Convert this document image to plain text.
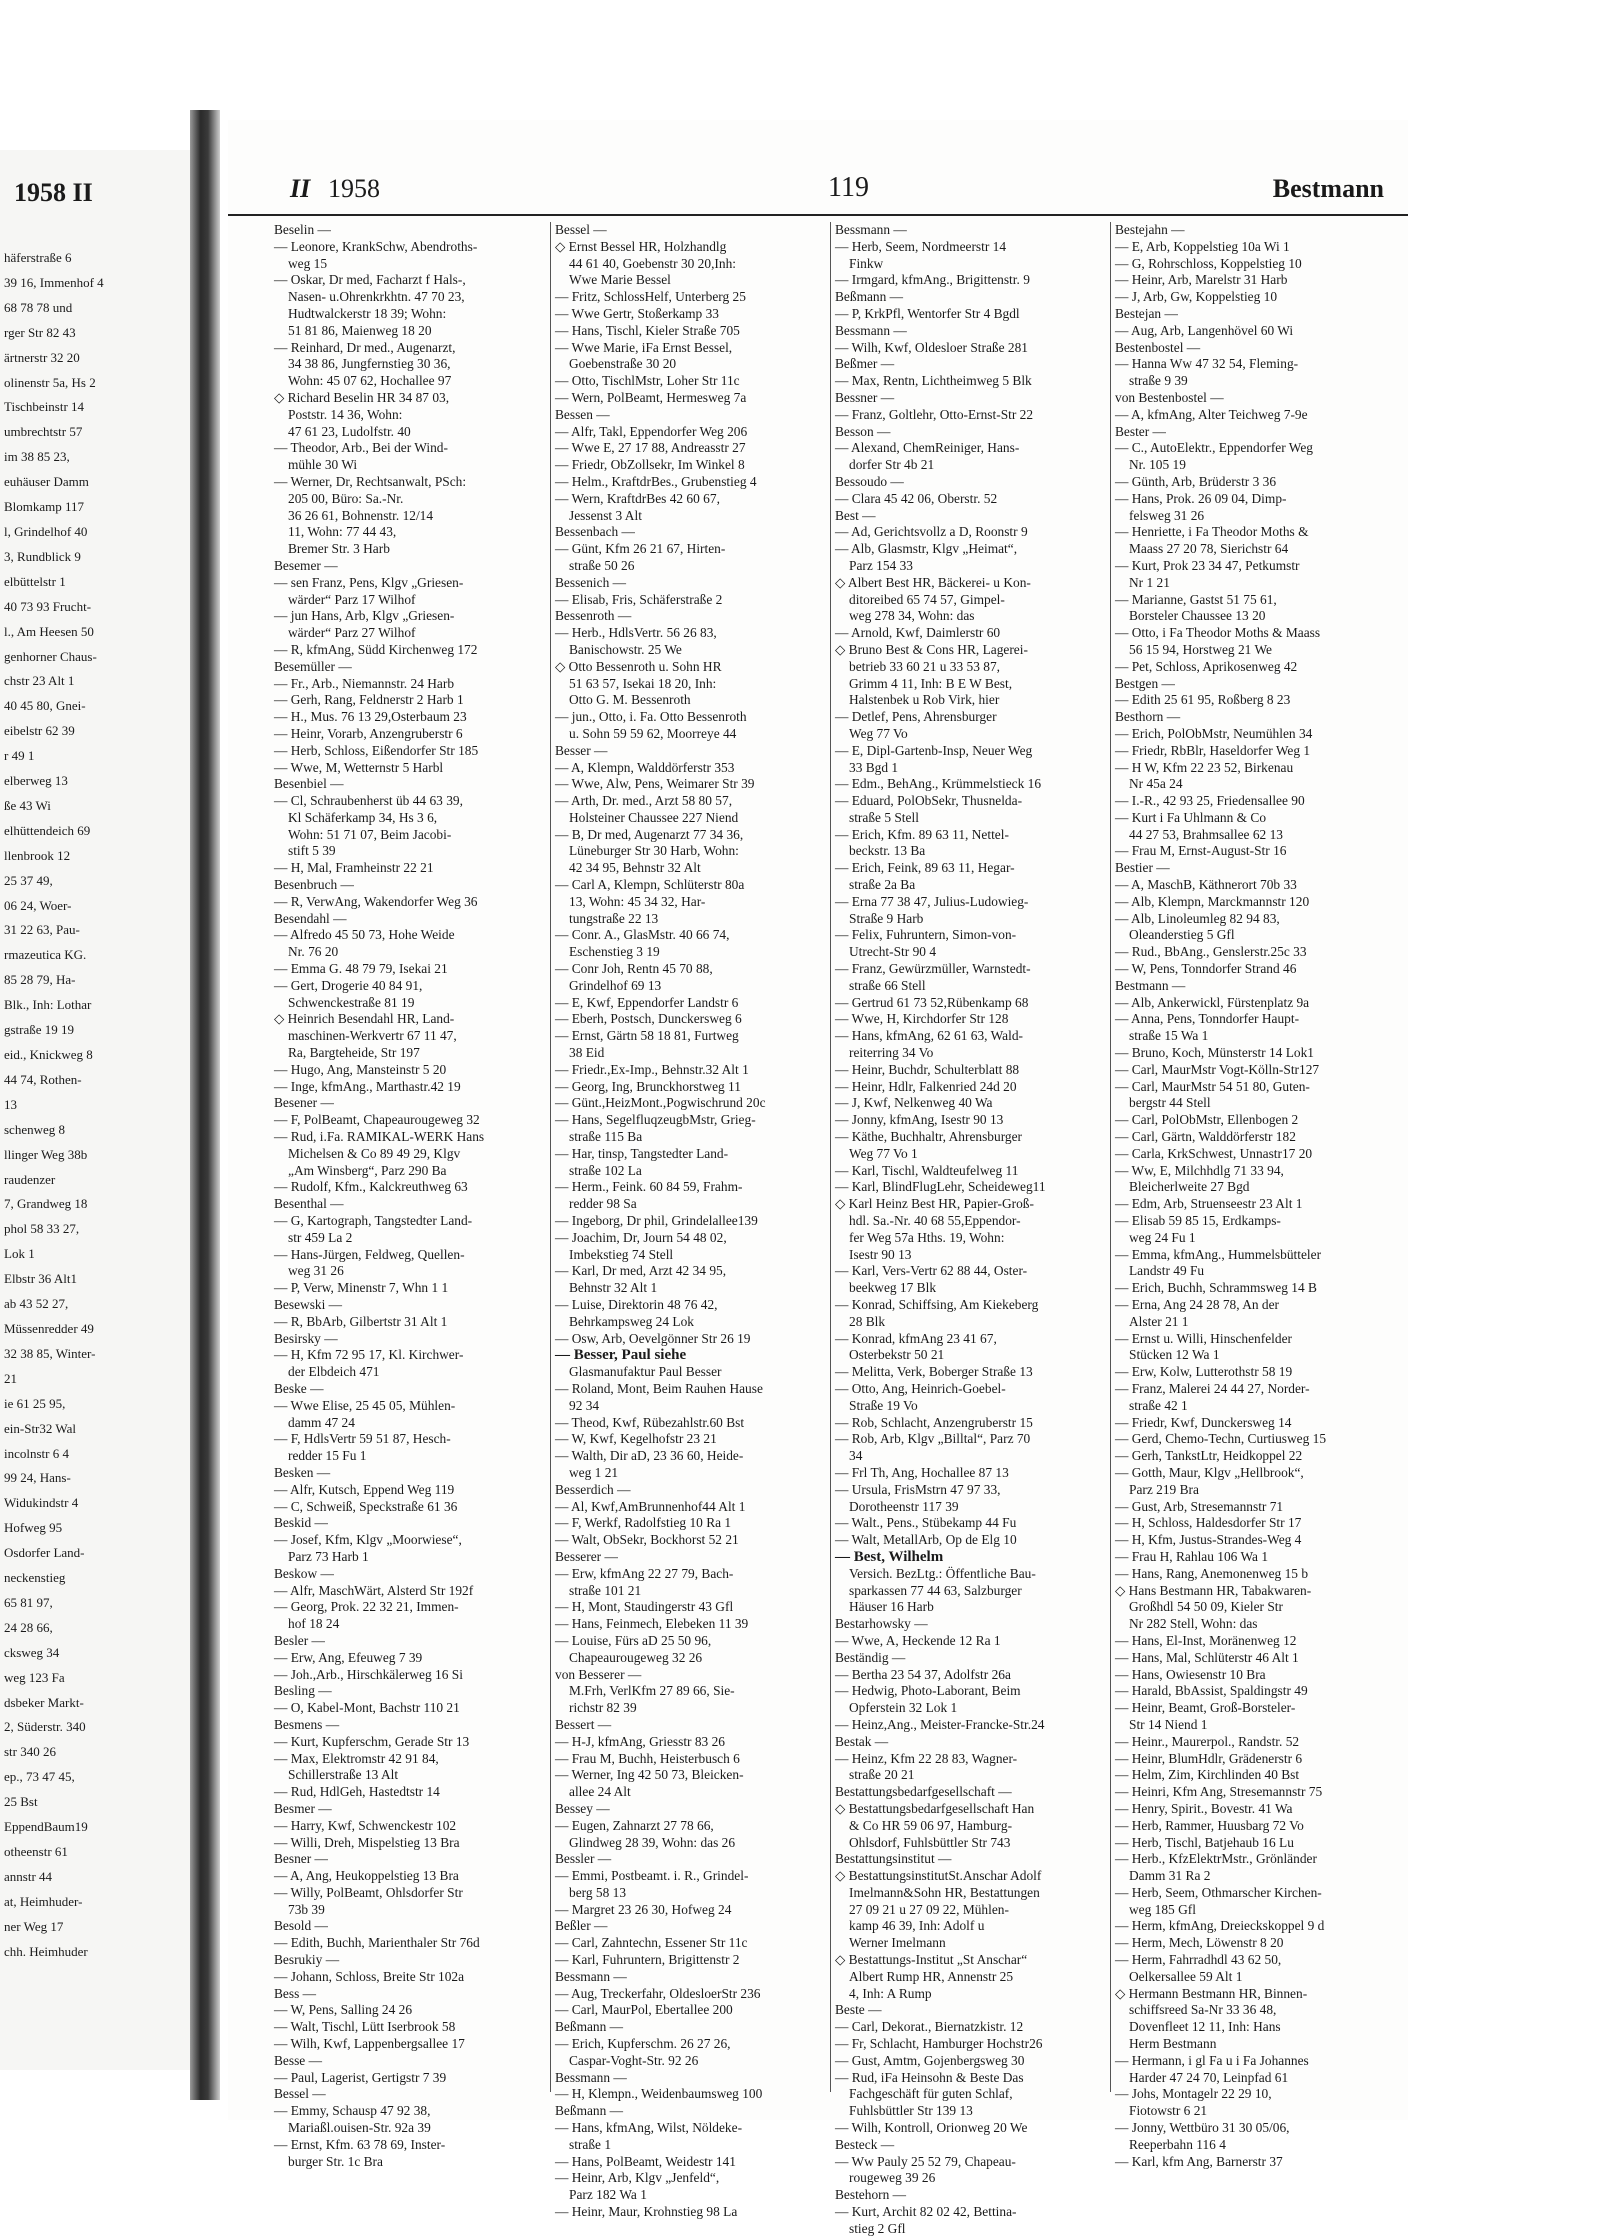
1958 II
häferstraße 6
39 16, Immenhof 4
68 78 78 und
rger Str 82 43
ärtnerstr 32 20
olinenstr 5a, Hs 2
Tischbeinstr 14
umbrechtstr 57
im 38 85 23,
euhäuser Damm
Blomkamp 117
l, Grindelhof 40
3, Rundblick 9
elbüttelstr 1
40 73 93 Frucht-
l., Am Heesen 50
genhorner Chaus-
chstr 23 Alt 1
40 45 80, Gnei-
eibelstr 62 39
r 49 1
elberweg 13
ße 43 Wi
elhüttendeich 69
llenbrook 12
25 37 49,
06 24, Woer-
31 22 63, Pau-
rmazeutica KG.
85 28 79, Ha-
Blk., Inh: Lothar
gstraße 19 19
eid., Knickweg 8
44 74, Rothen-
13
schenweg 8
llinger Weg 38b
raudenzer
7, Grandweg 18
phol 58 33 27,
Lok 1
Elbstr 36 Alt1
ab 43 52 27,
Müssenredder 49
32 38 85, Winter-
21
ie 61 25 95,
ein-Str32 Wal
incolnstr 6 4
99 24, Hans-
Widukindstr 4
Hofweg 95
Osdorfer Land-
neckenstieg
65 81 97,
24 28 66,
cksweg 34
weg 123 Fa
dsbeker Markt-
2, Süderstr. 340
str 340 26
ep., 73 47 45,
25 Bst
EppendBaum19
otheenstr 61
annstr 44
at, Heimhuder-
ner Weg 17
chh. Heimhuder
II 1958	119	Bestmann
Beselin —
— Leonore, KrankSchw, Abendroths-
weg 15
— Oskar, Dr med, Facharzt f Hals-,
Nasen- u.Ohrenkrkhtn. 47 70 23,
Hudtwalckerstr 18 39; Wohn:
51 81 86, Maienweg 18 20
— Reinhard, Dr med., Augenarzt,
34 38 86, Jungfernstieg 30 36,
Wohn: 45 07 62, Hochallee 97
◇ Richard Beselin HR 34 87 03,
Poststr. 14 36, Wohn:
47 61 23, Ludolfstr. 40
— Theodor, Arb., Bei der Wind-
mühle 30 Wi
— Werner, Dr, Rechtsanwalt, PSch:
205 00, Büro: Sa.-Nr.
36 26 61, Bohnenstr. 12/14
11, Wohn: 77 44 43,
Bremer Str. 3 Harb
Besemer —
— sen Franz, Pens, Klgv „Griesen-
wärder“ Parz 17 Wilhof
— jun Hans, Arb, Klgv „Griesen-
wärder“ Parz 27 Wilhof
— R, kfmAng, Südd Kirchenweg 172
Besemüller —
— Fr., Arb., Niemannstr. 24 Harb
— Gerh, Rang, Feldnerstr 2 Harb 1
— H., Mus. 76 13 29,Osterbaum 23
— Heinr, Vorarb, Anzengruberstr 6
— Herb, Schloss, Eißendorfer Str 185
— Wwe, M, Wetternstr 5 Harbl
Besenbiel —
— Cl, Schraubenherst üb 44 63 39,
Kl Schäferkamp 34, Hs 3 6,
Wohn: 51 71 07, Beim Jacobi-
stift 5 39
— H, Mal, Framheinstr 22 21
Besenbruch —
— R, VerwAng, Wakendorfer Weg 36
Besendahl —
— Alfredo 45 50 73, Hohe Weide
Nr. 76 20
— Emma G. 48 79 79, Isekai 21
— Gert, Drogerie 40 84 91,
Schwenckestraße 81 19
◇ Heinrich Besendahl HR, Land-
maschinen-Werkvertr 67 11 47,
Ra, Bargteheide, Str 197
— Hugo, Ang, Mansteinstr 5 20
— Inge, kfmAng., Marthastr.42 19
Besener —
— F, PolBeamt, Chapeaurougeweg 32
— Rud, i.Fa. RAMIKAL-WERK Hans
Michelsen & Co 89 49 29, Klgv
„Am Winsberg“, Parz 290 Ba
— Rudolf, Kfm., Kalckreuthweg 63
Besenthal —
— G, Kartograph, Tangstedter Land-
str 459 La 2
— Hans-Jürgen, Feldweg, Quellen-
weg 31 26
— P, Verw, Minenstr 7, Whn 1 1
Besewski —
— R, BbArb, Gilbertstr 31 Alt 1
Besirsky —
— H, Kfm 72 95 17, Kl. Kirchwer-
der Elbdeich 471
Beske —
— Wwe Elise, 25 45 05, Mühlen-
damm 47 24
— F, HdlsVertr 59 51 87, Hesch-
redder 15 Fu 1
Besken —
— Alfr, Kutsch, Eppend Weg 119
— C, Schweiß, Speckstraße 61 36
Beskid —
— Josef, Kfm, Klgv „Moorwiese“,
Parz 73 Harb 1
Beskow —
— Alfr, MaschWärt, Alsterd Str 192f
— Georg, Prok. 22 32 21, Immen-
hof 18 24
Besler —
— Erw, Ang, Efeuweg 7 39
— Joh.,Arb., Hirschkälerweg 16 Si
Besling —
— O, Kabel-Mont, Bachstr 110 21
Besmens —
— Kurt, Kupferschm, Gerade Str 13
— Max, Elektromstr 42 91 84,
Schillerstraße 13 Alt
— Rud, HdlGeh, Hastedtstr 14
Besmer —
— Harry, Kwf, Schwenckestr 102
— Willi, Dreh, Mispelstieg 13 Bra
Besner —
— A, Ang, Heukoppelstieg 13 Bra
— Willy, PolBeamt, Ohlsdorfer Str
73b 39
Besold —
— Edith, Buchh, Marienthaler Str 76d
Besrukiy —
— Johann, Schloss, Breite Str 102a
Bess —
— W, Pens, Salling 24 26
— Walt, Tischl, Lütt Iserbrook 58
— Wilh, Kwf, Lappenbergsallee 17
Besse —
— Paul, Lagerist, Gertigstr 7 39
Bessel —
— Emmy, Schausp 47 92 38,
Mariaßl.ouisen-Str. 92a 39
— Ernst, Kfm. 63 78 69, Inster-
burger Str. 1c Bra
Bessel —
◇ Ernst Bessel HR, Holzhandlg
44 61 40, Goebenstr 30 20,Inh:
Wwe Marie Bessel
— Fritz, SchlossHelf, Unterberg 25
— Wwe Gertr, Stoßerkamp 33
— Hans, Tischl, Kieler Straße 705
— Wwe Marie, iFa Ernst Bessel,
Goebenstraße 30 20
— Otto, TischlMstr, Loher Str 11c
— Wern, PolBeamt, Hermesweg 7a
Bessen —
— Alfr, Takl, Eppendorfer Weg 206
— Wwe E, 27 17 88, Andreasstr 27
— Friedr, ObZollsekr, Im Winkel 8
— Helm., KraftdrBes., Grubenstieg 4
— Wern, KraftdrBes 42 60 67,
Jessenst 3 Alt
Bessenbach —
— Günt, Kfm 26 21 67, Hirten-
straße 50 26
Bessenich —
— Elisab, Fris, Schäferstraße 2
Bessenroth —
— Herb., HdlsVertr. 56 26 83,
Banischowstr. 25 We
◇ Otto Bessenroth u. Sohn HR
51 63 57, Isekai 18 20, Inh:
Otto G. M. Bessenroth
— jun., Otto, i. Fa. Otto Bessenroth
u. Sohn 59 59 62, Moorreye 44
Besser —
— A, Klempn, Walddörferstr 353
— Wwe, Alw, Pens, Weimarer Str 39
— Arth, Dr. med., Arzt 58 80 57,
Holsteiner Chaussee 227 Niend
— B, Dr med, Augenarzt 77 34 36,
Lüneburger Str 30 Harb, Wohn:
42 34 95, Behnstr 32 Alt
— Carl A, Klempn, Schlüterstr 80a
13, Wohn: 45 34 32, Har-
tungstraße 22 13
— Conr. A., GlasMstr. 40 66 74,
Eschenstieg 3 19
— Conr Joh, Rentn 45 70 88,
Grindelhof 69 13
— E, Kwf, Eppendorfer Landstr 6
— Eberh, Postsch, Dunckersweg 6
— Ernst, Gärtn 58 18 81, Furtweg
38 Eid
— Friedr.,Ex-Imp., Behnstr.32 Alt 1
— Georg, Ing, Brunckhorstweg 11
— Günt.,HeizMont.,Pogwischrund 20c
— Hans, SegelfluqzeugbMstr, Grieg-
straße 115 Ba
— Har, tinsp, Tangstedter Land-
straße 102 La
— Herm., Feink. 60 84 59, Frahm-
redder 98 Sa
— Ingeborg, Dr phil, Grindelallee139
— Joachim, Dr, Journ 54 48 02,
Imbekstieg 74 Stell
— Karl, Dr med, Arzt 42 34 95,
Behnstr 32 Alt 1
— Luise, Direktorin 48 76 42,
Behrkampsweg 24 Lok
— Osw, Arb, Oevelgönner Str 26 19
— Besser, Paul siehe
Glasmanufaktur Paul Besser
— Roland, Mont, Beim Rauhen Hause
92 34
— Theod, Kwf, Rübezahlstr.60 Bst
— W, Kwf, Kegelhofstr 23 21
— Walth, Dir aD, 23 36 60, Heide-
weg 1 21
Besserdich —
— Al, Kwf,AmBrunnenhof44 Alt 1
— F, Werkf, Radolfstieg 10 Ra 1
— Walt, ObSekr, Bockhorst 52 21
Besserer —
— Erw, kfmAng 22 27 79, Bach-
straße 101 21
— H, Mont, Staudingerstr 43 Gfl
— Hans, Feinmech, Elebeken 11 39
— Louise, Fürs aD 25 50 96,
Chapeaurougeweg 32 26
von Besserer —
M.Frh, VerlKfm 27 89 66, Sie-
richstr 82 39
Bessert —
— H-J, kfmAng, Griesstr 83 26
— Frau M, Buchh, Heisterbusch 6
— Werner, Ing 42 50 73, Bleicken-
allee 24 Alt
Bessey —
— Eugen, Zahnarzt 27 78 66,
Glindweg 28 39, Wohn: das 26
Bessler —
— Emmi, Postbeamt. i. R., Grindel-
berg 58 13
— Margret 23 26 30, Hofweg 24
Beßler —
— Carl, Zahntechn, Essener Str 11c
— Karl, Fuhruntern, Brigittenstr 2
Bessmann —
— Aug, Treckerfahr, OldesloerStr 236
— Carl, MaurPol, Ebertallee 200
Beßmann —
— Erich, Kupferschm. 26 27 26,
Caspar-Voght-Str. 92 26
Bessmann —
— H, Klempn., Weidenbaumsweg 100
Beßmann —
— Hans, kfmAng, Wilst, Nöldeke-
straße 1
— Hans, PolBeamt, Weidestr 141
— Heinr, Arb, Klgv „Jenfeld“,
Parz 182 Wa 1
— Heinr, Maur, Krohnstieg 98 La
Bessmann —
— Herb, Seem, Nordmeerstr 14
Finkw
— Irmgard, kfmAng., Brigittenstr. 9
Beßmann —
— P, KrkPfl, Wentorfer Str 4 Bgdl
Bessmann —
— Wilh, Kwf, Oldesloer Straße 281
Beßmer —
— Max, Rentn, Lichtheimweg 5 Blk
Bessner —
— Franz, Goltlehr, Otto-Ernst-Str 22
Besson —
— Alexand, ChemReiniger, Hans-
dorfer Str 4b 21
Bessoudo —
— Clara 45 42 06, Oberstr. 52
Best —
— Ad, Gerichtsvollz a D, Roonstr 9
— Alb, Glasmstr, Klgv „Heimat“,
Parz 154 33
◇ Albert Best HR, Bäckerei- u Kon-
ditoreibed 65 74 57, Gimpel-
weg 278 34, Wohn: das
— Arnold, Kwf, Daimlerstr 60
◇ Bruno Best & Cons HR, Lagerei-
betrieb 33 60 21 u 33 53 87,
Grimm 4 11, Inh: B E W Best,
Halstenbek u Rob Virk, hier
— Detlef, Pens, Ahrensburger
Weg 77 Vo
— E, Dipl-Gartenb-Insp, Neuer Weg
33 Bgd 1
— Edm., BehAng., Krümmelstieck 16
— Eduard, PolObSekr, Thusnelda-
straße 5 Stell
— Erich, Kfm. 89 63 11, Nettel-
beckstr. 13 Ba
— Erich, Feink, 89 63 11, Hegar-
straße 2a Ba
— Erna 77 38 47, Julius-Ludowieg-
Straße 9 Harb
— Felix, Fuhruntern, Simon-von-
Utrecht-Str 90 4
— Franz, Gewürzmüller, Warnstedt-
straße 66 Stell
— Gertrud 61 73 52,Rübenkamp 68
— Wwe, H, Kirchdorfer Str 128
— Hans, kfmAng, 62 61 63, Wald-
reiterring 34 Vo
— Heinr, Buchdr, Schulterblatt 88
— Heinr, Hdlr, Falkenried 24d 20
— J, Kwf, Nelkenweg 40 Wa
— Jonny, kfmAng, Isestr 90 13
— Käthe, Buchhaltr, Ahrensburger
Weg 77 Vo 1
— Karl, Tischl, Waldteufelweg 11
— Karl, BlindFlugLehr, Scheideweg11
◇ Karl Heinz Best HR, Papier-Groß-
hdl. Sa.-Nr. 40 68 55,Eppendor-
fer Weg 57a Hths. 19, Wohn:
Isestr 90 13
— Karl, Vers-Vertr 62 88 44, Oster-
beekweg 17 Blk
— Konrad, Schiffsing, Am Kiekeberg
28 Blk
— Konrad, kfmAng 23 41 67,
Osterbekstr 50 21
— Melitta, Verk, Boberger Straße 13
— Otto, Ang, Heinrich-Goebel-
Straße 19 Vo
— Rob, Schlacht, Anzengruberstr 15
— Rob, Arb, Klgv „Billtal“, Parz 70
34
— Frl Th, Ang, Hochallee 87 13
— Ursula, FrisMstrn 47 97 33,
Dorotheenstr 117 39
— Walt., Pens., Stübekamp 44 Fu
— Walt, MetallArb, Op de Elg 10
— Best, Wilhelm
Versich. BezLtg.: Öffentliche Bau-
sparkassen 77 44 63, Salzburger
Häuser 16 Harb
Bestarhowsky —
— Wwe, A, Heckende 12 Ra 1
Beständig —
— Bertha 23 54 37, Adolfstr 26a
— Hedwig, Photo-Laborant, Beim
Opferstein 32 Lok 1
— Heinz,Ang., Meister-Francke-Str.24
Bestak —
— Heinz, Kfm 22 28 83, Wagner-
straße 20 21
Bestattungsbedarfgesellschaft —
◇ Bestattungsbedarfgesellschaft Han
& Co HR 59 06 97, Hamburg-
Ohlsdorf, Fuhlsbüttler Str 743
Bestattungsinstitut —
◇ BestattungsinstitutSt.Anschar Adolf
Imelmann&Sohn HR, Bestattungen
27 09 21 u 27 09 22, Mühlen-
kamp 46 39, Inh: Adolf u
Werner Imelmann
◇ Bestattungs-Institut „St Anschar“
Albert Rump HR, Annenstr 25
4, Inh: A Rump
Beste —
— Carl, Dekorat., Biernatzkistr. 12
— Fr, Schlacht, Hamburger Hochstr26
— Gust, Amtm, Gojenbergsweg 30
— Rud, iFa Heinsohn & Beste Das
Fachgeschäft für guten Schlaf,
Fuhlsbüttler Str 139 13
— Wilh, Kontroll, Orionweg 20 We
Besteck —
— Ww Pauly 25 52 79, Chapeau-
rougeweg 39 26
Bestehorn —
— Kurt, Archit 82 02 42, Bettina-
stieg 2 Gfl
Bestejahn —
— E, Arb, Koppelstieg 10a Wi 1
— G, Rohrschloss, Koppelstieg 10
— Heinr, Arb, Marelstr 31 Harb
— J, Arb, Gw, Koppelstieg 10
Bestejan —
— Aug, Arb, Langenhövel 60 Wi
Bestenbostel —
— Hanna Ww 47 32 54, Fleming-
straße 9 39
von Bestenbostel —
— A, kfmAng, Alter Teichweg 7-9e
Bester —
— C., AutoElektr., Eppendorfer Weg
Nr. 105 19
— Günth, Arb, Brüderstr 3 36
— Hans, Prok. 26 09 04, Dimp-
felsweg 31 26
— Henriette, i Fa Theodor Moths &
Maass 27 20 78, Sierichstr 64
— Kurt, Prok 23 34 47, Petkumstr
Nr 1 21
— Marianne, Gastst 51 75 61,
Borsteler Chaussee 13 20
— Otto, i Fa Theodor Moths & Maass
56 15 94, Horstweg 21 We
— Pet, Schloss, Aprikosenweg 42
Bestgen —
— Edith 25 61 95, Roßberg 8 23
Besthorn —
— Erich, PolObMstr, Neumühlen 34
— Friedr, RbBlr, Haseldorfer Weg 1
— H W, Kfm 22 23 52, Birkenau
Nr 45a 24
— I.-R., 42 93 25, Friedensallee 90
— Kurt i Fa Uhlmann & Co
44 27 53, Brahmsallee 62 13
— Frau M, Ernst-August-Str 16
Bestier —
— A, MaschB, Käthnerort 70b 33
— Alb, Klempn, Marckmannstr 120
— Alb, Linoleumleg 82 94 83,
Oleanderstieg 5 Gfl
— Rud., BbAng., Genslerstr.25c 33
— W, Pens, Tonndorfer Strand 46
Bestmann —
— Alb, Ankerwickl, Fürstenplatz 9a
— Anna, Pens, Tonndorfer Haupt-
straße 15 Wa 1
— Bruno, Koch, Münsterstr 14 Lok1
— Carl, MaurMstr Vogt-Kölln-Str127
— Carl, MaurMstr 54 51 80, Guten-
bergstr 44 Stell
— Carl, PolObMstr, Ellenbogen 2
— Carl, Gärtn, Walddörferstr 182
— Carla, KrkSchwest, Unnastr17 20
— Ww, E, Milchhdlg 71 33 94,
Bleicherlweite 27 Bgd
— Edm, Arb, Struenseestr 23 Alt 1
— Elisab 59 85 15, Erdkamps-
weg 24 Fu 1
— Emma, kfmAng., Hummelsbütteler
Landstr 49 Fu
— Erich, Buchh, Schrammsweg 14 B
— Erna, Ang 24 28 78, An der
Alster 21 1
— Ernst u. Willi, Hinschenfelder
Stücken 12 Wa 1
— Erw, Kolw, Lutterothstr 58 19
— Franz, Malerei 24 44 27, Norder-
straße 42 1
— Friedr, Kwf, Dunckersweg 14
— Gerd, Chemo-Techn, Curtiusweg 15
— Gerh, TankstLtr, Heidkoppel 22
— Gotth, Maur, Klgv „Hellbrook“,
Parz 219 Bra
— Gust, Arb, Stresemannstr 71
— H, Schloss, Haldesdorfer Str 17
— H, Kfm, Justus-Strandes-Weg 4
— Frau H, Rahlau 106 Wa 1
— Hans, Rang, Anemonenweg 15 b
◇ Hans Bestmann HR, Tabakwaren-
Großhdl 54 50 09, Kieler Str
Nr 282 Stell, Wohn: das
— Hans, El-Inst, Moränenweg 12
— Hans, Mal, Schlüterstr 46 Alt 1
— Hans, Owiesenstr 10 Bra
— Harald, BbAssist, Spaldingstr 49
— Heinr, Beamt, Groß-Borsteler-
Str 14 Niend 1
— Heinr., Maurerpol., Randstr. 52
— Heinr, BlumHdlr, Grädenerstr 6
— Helm, Zim, Kirchlinden 40 Bst
— Heinri, Kfm Ang, Stresemannstr 75
— Henry, Spirit., Bovestr. 41 Wa
— Herb, Rammer, Huusbarg 72 Vo
— Herb, Tischl, Batjehaub 16 Lu
— Herb., KfzElektrMstr., Grönländer
Damm 31 Ra 2
— Herb, Seem, Othmarscher Kirchen-
weg 185 Gfl
— Herm, kfmAng, Dreieckskoppel 9 d
— Herm, Mech, Löwenstr 8 20
— Herm, Fahrradhdl 43 62 50,
Oelkersallee 59 Alt 1
◇ Hermann Bestmann HR, Binnen-
schiffsreed Sa-Nr 33 36 48,
Dovenfleet 12 11, Inh: Hans
Herm Bestmann
— Hermann, i gl Fa u i Fa Johannes
Harder 47 24 70, Leinpfad 61
— Johs, Montagelr 22 29 10,
Fiotowstr 6 21
— Jonny, Wettbüro 31 30 05/06,
Reeperbahn 116 4
— Karl, kfm Ang, Barnerstr 37
